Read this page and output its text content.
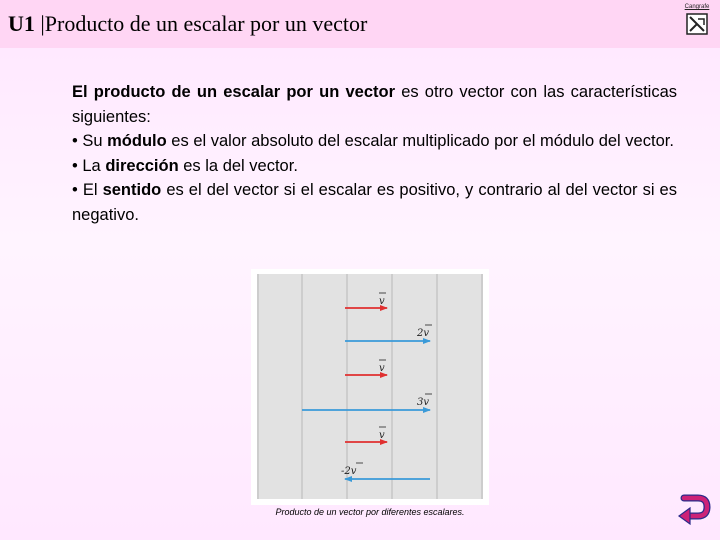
U1 |Producto de un escalar por un vector
Cangrafe

El producto de un escalar por un vector es otro vector con las características siguientes:

• Su módulo es el valor absoluto del escalar multiplicado por el módulo del vector.

• La dirección es la del vector.

• El sentido es el del vector si el escalar es positivo, y contrario al del vector si es negativo.

v
2v
v
3v
v
-2v
Producto de un vector por diferentes escalares.
